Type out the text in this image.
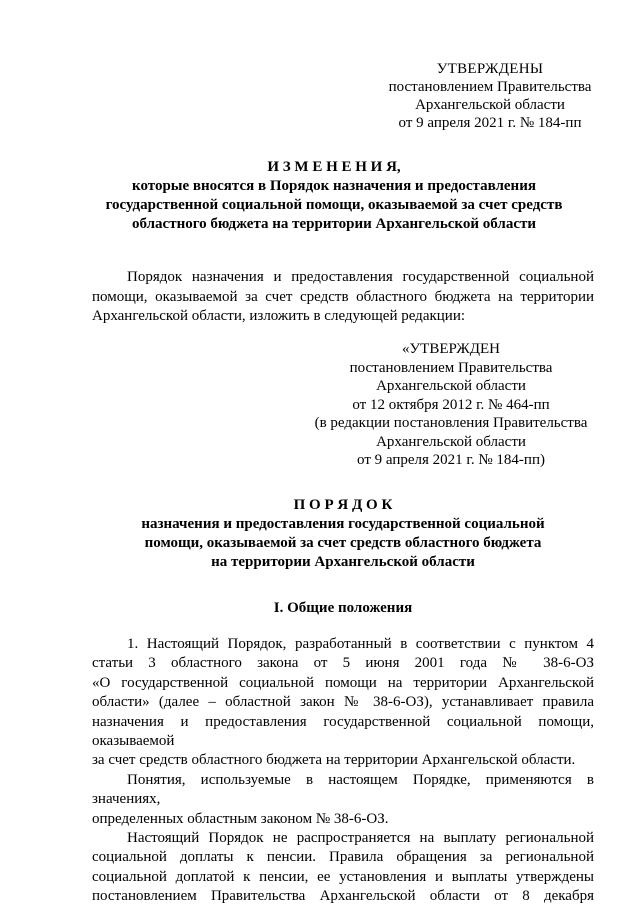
УТВЕРЖДЕНЫ
постановлением Правительства
Архангельской области
от 9 апреля 2021 г. № 184-пп
И З М Е Н Е Н И Я,
которые вносятся в Порядок назначения и предоставления
государственной социальной помощи, оказываемой за счет средств
областного бюджета на территории Архангельской области
Порядок назначения и предоставления государственной социальной
помощи, оказываемой за счет средств областного бюджета на территории
Архангельской области, изложить в следующей редакции:
«УТВЕРЖДЕН
постановлением Правительства
Архангельской области
от 12 октября 2012 г. № 464-пп
(в редакции постановления Правительства
Архангельской области
от 9 апреля 2021 г. № 184-пп)
П О Р Я Д О К
назначения и предоставления государственной социальной
помощи, оказываемой за счет средств областного бюджета
на территории Архангельской области
I. Общие положения
1. Настоящий Порядок, разработанный в соответствии с пунктом 4
статьи 3 областного закона от 5 июня 2001 года № 38-6-ОЗ
«О государственной социальной помощи на территории Архангельской
области» (далее – областной закон № 38-6-ОЗ), устанавливает правила
назначения и предоставления государственной социальной помощи, оказываемой
за счет средств областного бюджета на территории Архангельской области.
Понятия, используемые в настоящем Порядке, применяются в значениях,
определенных областным законом № 38-6-ОЗ.
Настоящий Порядок не распространяется на выплату региональной
социальной доплаты к пенсии. Правила обращения за региональной
социальной доплатой к пенсии, ее установления и выплаты утверждены
постановлением Правительства Архангельской области от 8 декабря
